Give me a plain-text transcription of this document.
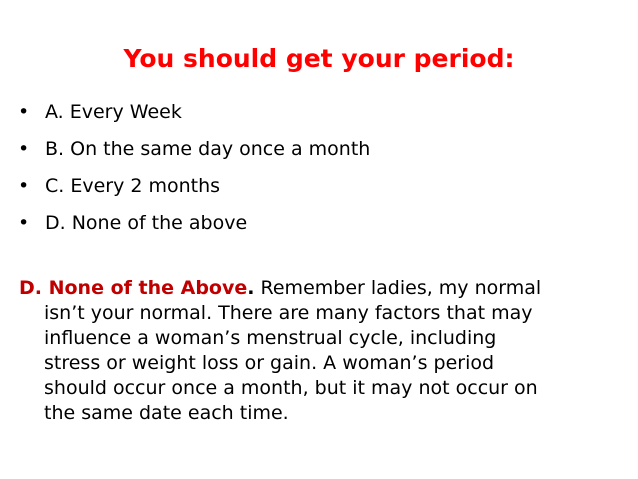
You should get your period:
• A. Every Week
• B. On the same day once a month
• C. Every 2 months
• D. None of the above

D. None of the Above. Remember ladies, my normal

isn’t your normal. There are many factors that may

influence a woman’s menstrual cycle, including

stress or weight loss or gain. A woman’s period

should occur once a month, but it may not occur on

the same date each time.
